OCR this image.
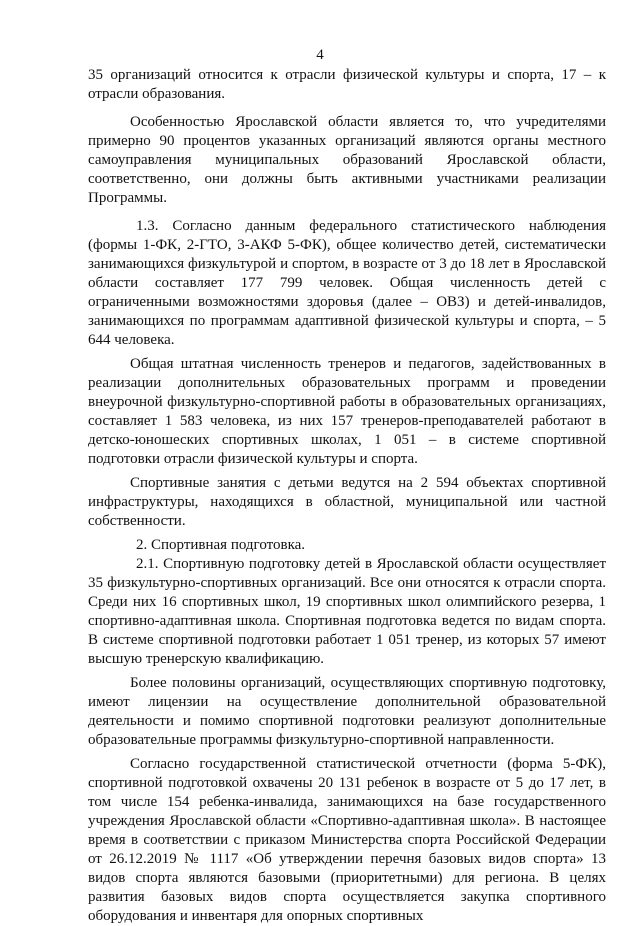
4

35 организаций относится к отрасли физической культуры и спорта, 17 – к отрасли образования.

Особенностью Ярославской области является то, что учредителями примерно 90 процентов указанных организаций являются органы местного самоуправления муниципальных образований Ярославской области, соответственно, они должны быть активными участниками реализации Программы.

1.3. Согласно данным федерального статистического наблюдения (формы 1-ФК, 2-ГТО, 3-АКФ 5-ФК), общее количество детей, систематически занимающихся физкультурой и спортом, в возрасте от 3 до 18 лет в Ярославской области составляет 177 799 человек. Общая численность детей с ограниченными возможностями здоровья (далее – ОВЗ) и детей-инвалидов, занимающихся по программам адаптивной физической культуры и спорта, – 5 644 человека.

Общая штатная численность тренеров и педагогов, задействованных в реализации дополнительных образовательных программ и проведении внеурочной физкультурно-спортивной работы в образовательных организациях, составляет 1 583 человека, из них 157 тренеров-преподавателей работают в детско-юношеских спортивных школах, 1 051 – в системе спортивной подготовки отрасли физической культуры и спорта.

Спортивные занятия с детьми ведутся на 2 594 объектах спортивной инфраструктуры, находящихся в областной, муниципальной или частной собственности.

2. Спортивная подготовка.

2.1. Спортивную подготовку детей в Ярославской области осуществляет 35 физкультурно-спортивных организаций. Все они относятся к отрасли спорта. Среди них 16 спортивных школ, 19 спортивных школ олимпийского резерва, 1 спортивно-адаптивная школа. Спортивная подготовка ведется по видам спорта. В системе спортивной подготовки работает 1 051 тренер, из которых 57 имеют высшую тренерскую квалификацию.

Более половины организаций, осуществляющих спортивную подготовку, имеют лицензии на осуществление дополнительной образовательной деятельности и помимо спортивной подготовки реализуют дополнительные образовательные программы физкультурно-спортивной направленности.

Согласно государственной статистической отчетности (форма 5-ФК), спортивной подготовкой охвачены 20 131 ребенок в возрасте от 5 до 17 лет, в том числе 154 ребенка-инвалида, занимающихся на базе государственного учреждения Ярославской области «Спортивно-адаптивная школа». В настоящее время в соответствии с приказом Министерства спорта Российской Федерации от 26.12.2019 № 1117 «Об утверждении перечня базовых видов спорта» 13 видов спорта являются базовыми (приоритетными) для региона. В целях развития базовых видов спорта осуществляется закупка спортивного оборудования и инвентаря для опорных спортивных
